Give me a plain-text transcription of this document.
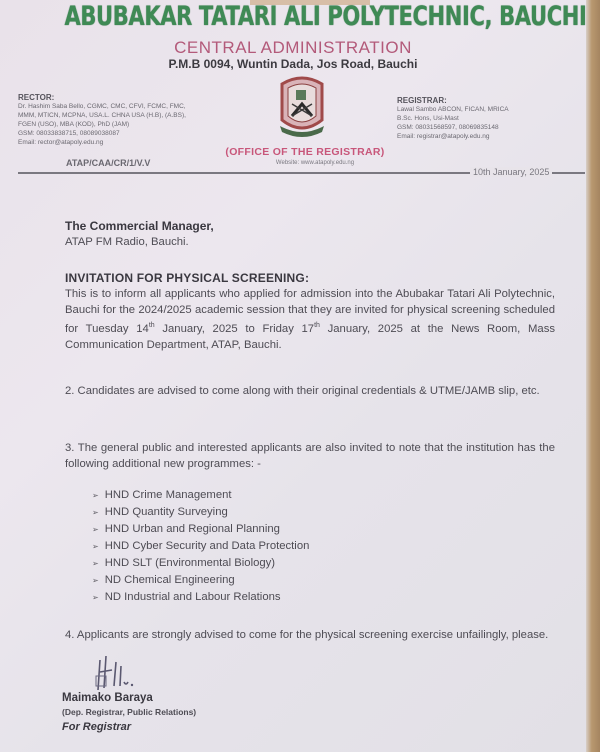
ABUBAKAR TATARI ALI POLYTECHNIC, BAUCHI
CENTRAL ADMINISTRATION
P.M.B 0094, Wuntin Dada, Jos Road, Bauchi
RECTOR:
Dr. Hashim Saba Bello, CGMC, CMC, CFVI, FCMC, FMC,
MMM, MTICN, MCPNA, USA.L. CHNA USA (H.B), (A.BS),
FGEN (USO), MBA (KOD), PhD (JAM)
GSM: 08033838715, 08089038087
Email: rector@atapoly.edu.ng
ATAP/CAA/CR/1/V.V
(OFFICE OF THE REGISTRAR)
Website: www.atapoly.edu.ng
REGISTRAR:
Lawal Sambo ABCON, FICAN, MRICA
B.Sc. Hons, Usi-Mast
GSM: 08031568597, 08069835148
Email: registrar@atapoly.edu.ng
10th January, 2025
The Commercial Manager,
ATAP FM Radio, Bauchi.
INVITATION FOR PHYSICAL SCREENING:
This is to inform all applicants who applied for admission into the Abubakar Tatari Ali Polytechnic, Bauchi for the 2024/2025 academic session that they are invited for physical screening scheduled for Tuesday 14th January, 2025 to Friday 17th January, 2025 at the News Room, Mass Communication Department, ATAP, Bauchi.
2. Candidates are advised to come along with their original credentials & UTME/JAMB slip, etc.
3. The general public and interested applicants are also invited to note that the institution has the following additional new programmes: -
➢ HND Crime Management
➢ HND Quantity Surveying
➢ HND Urban and Regional Planning
➢ HND Cyber Security and Data Protection
➢ HND SLT (Environmental Biology)
➢ ND Chemical Engineering
➢ ND Industrial and Labour Relations
4. Applicants are strongly advised to come for the physical screening exercise unfailingly, please.
Maimako Baraya
(Dep. Registrar, Public Relations)
For Registrar
